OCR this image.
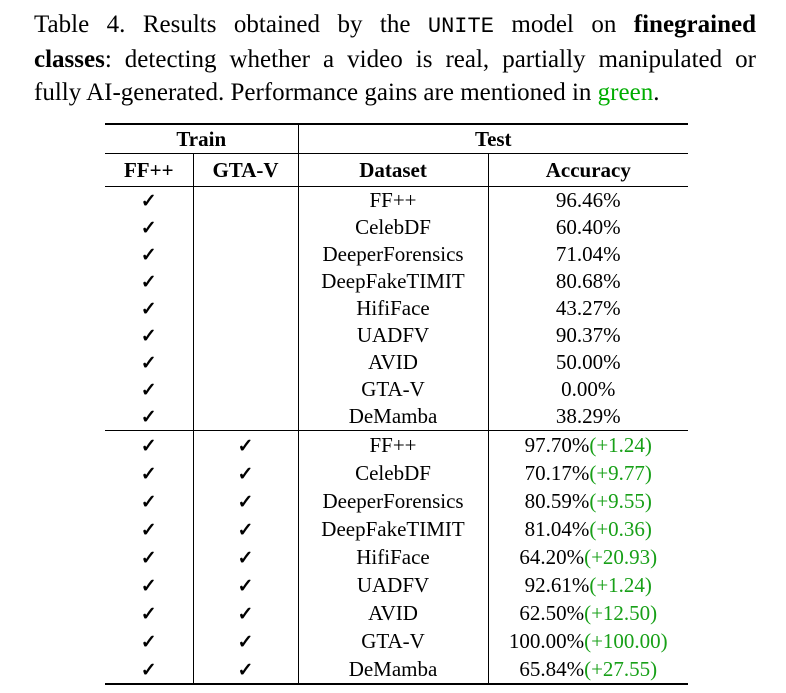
Table 4. Results obtained by the UNITE model on finegrained
classes: detecting whether a video is real, partially manipulated or
fully AI-generated. Performance gains are mentioned in green.
Train		Test	
FF++	GTA-V	Dataset	Accuracy
✓		FF++	96.46%
✓		CelebDF	60.40%
✓		DeeperForensics	71.04%
✓		DeepFakeTIMIT	80.68%
✓		HifiFace	43.27%
✓		UADFV	90.37%
✓		AVID	50.00%
✓		GTA-V	0.00%
✓		DeMamba	38.29%
✓	✓	FF++	97.70%(+1.24)
✓	✓	CelebDF	70.17%(+9.77)
✓	✓	DeeperForensics	80.59%(+9.55)
✓	✓	DeepFakeTIMIT	81.04%(+0.36)
✓	✓	HifiFace	64.20%(+20.93)
✓	✓	UADFV	92.61%(+1.24)
✓	✓	AVID	62.50%(+12.50)
✓	✓	GTA-V	100.00%(+100.00)
✓	✓	DeMamba	65.84%(+27.55)
